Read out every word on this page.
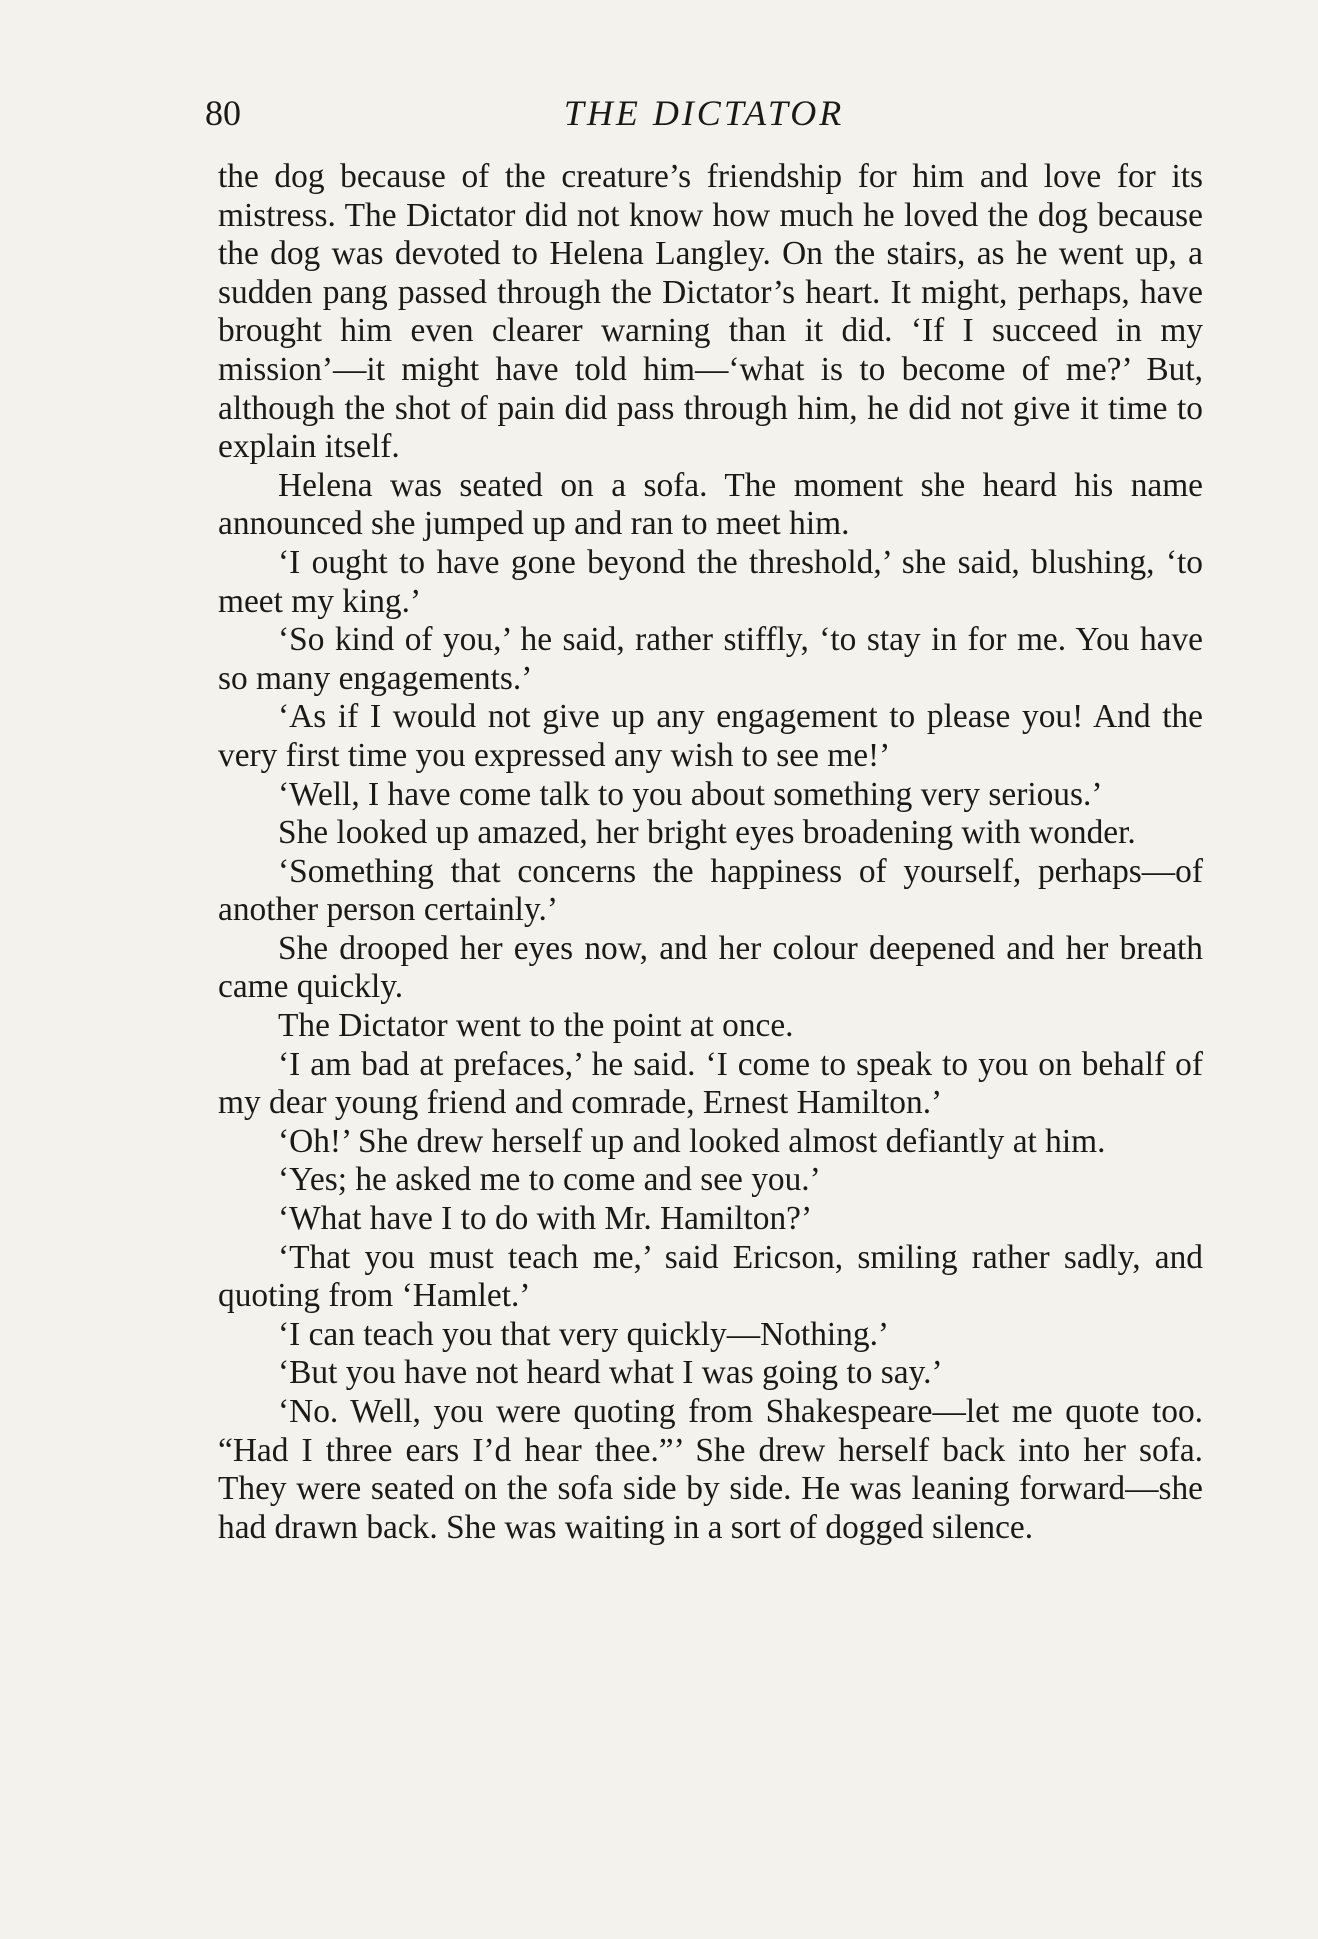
80	THE DICTATOR

the dog because of the creature’s friendship for him and love for its mistress. The Dictator did not know how much he loved the dog because the dog was devoted to Helena Langley. On the stairs, as he went up, a sudden pang passed through the Dictator’s heart. It might, perhaps, have brought him even clearer warning than it did. ‘If I succeed in my mission’—it might have told him—‘what is to become of me?’ But, although the shot of pain did pass through him, he did not give it time to explain itself.

Helena was seated on a sofa. The moment she heard his name announced she jumped up and ran to meet him.

‘I ought to have gone beyond the threshold,’ she said, blushing, ‘to meet my king.’

‘So kind of you,’ he said, rather stiffly, ‘to stay in for me. You have so many engagements.’

‘As if I would not give up any engagement to please you! And the very first time you expressed any wish to see me!’

‘Well, I have come talk to you about something very serious.’

She looked up amazed, her bright eyes broadening with wonder.

‘Something that concerns the happiness of yourself, perhaps—of another person certainly.’

She drooped her eyes now, and her colour deepened and her breath came quickly.

The Dictator went to the point at once.

‘I am bad at prefaces,’ he said. ‘I come to speak to you on behalf of my dear young friend and comrade, Ernest Hamilton.’

‘Oh!’ She drew herself up and looked almost defiantly at him.

‘Yes; he asked me to come and see you.’

‘What have I to do with Mr. Hamilton?’

‘That you must teach me,’ said Ericson, smiling rather sadly, and quoting from ‘Hamlet.’

‘I can teach you that very quickly—Nothing.’

‘But you have not heard what I was going to say.’

‘No. Well, you were quoting from Shakespeare—let me quote too. “Had I three ears I’d hear thee.”’ She drew herself back into her sofa. They were seated on the sofa side by side. He was leaning forward—she had drawn back. She was waiting in a sort of dogged silence.
